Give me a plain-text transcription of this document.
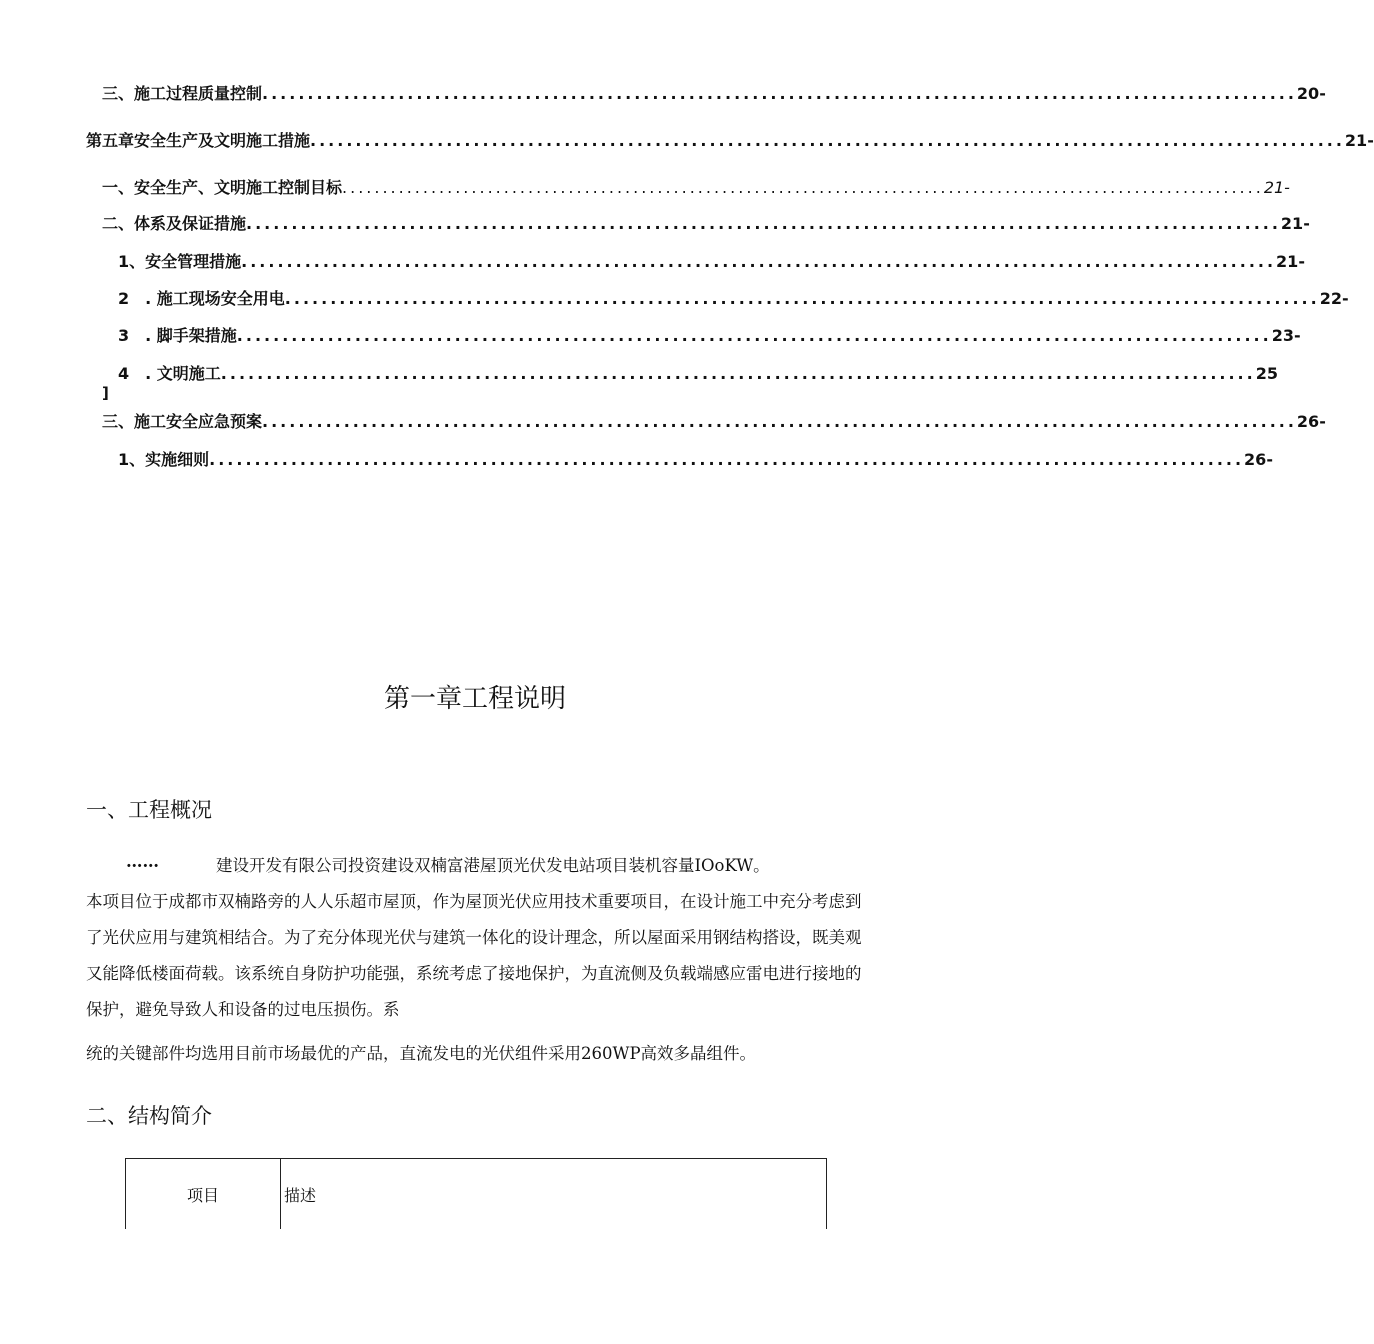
三、施工过程质量控制 .................................................................................................................. 20-
第五章安全生产及文明施工措施 .................................................................................................................. 21-
一、安全生产、文明施工控制目标 .................................................................................................................. 21-
二、体系及保证措施 .................................................................................................................. 21-
1、安全管理措施 .................................................................................................................. 21-
2　. 施工现场安全用电 .................................................................................................................. 22-
3　. 脚手架措施 .................................................................................................................. 23-
4　. 文明施工 .................................................................................................................. 25
]
三、施工安全应急预案 .................................................................................................................. 26-
1、实施细则 .................................................................................................................. 26-
第一章工程说明
一、工程概况
……	建设开发有限公司投资建设双楠富港屋顶光伏发电站项目装机容量IOoKW。

本项目位于成都市双楠路旁的人人乐超市屋顶，作为屋顶光伏应用技术重要项目，在设计施工中充分考虑到了光伏应用与建筑相结合。为了充分体现光伏与建筑一体化的设计理念，所以屋面采用钢结构搭设，既美观又能降低楼面荷载。该系统自身防护功能强，系统考虑了接地保护，为直流侧及负载端感应雷电进行接地的保护，避免导致人和设备的过电压损伤。系

统的关键部件均选用目前市场最优的产品，直流发电的光伏组件采用260WP高效多晶组件。

二、结构简介
项目	描述
